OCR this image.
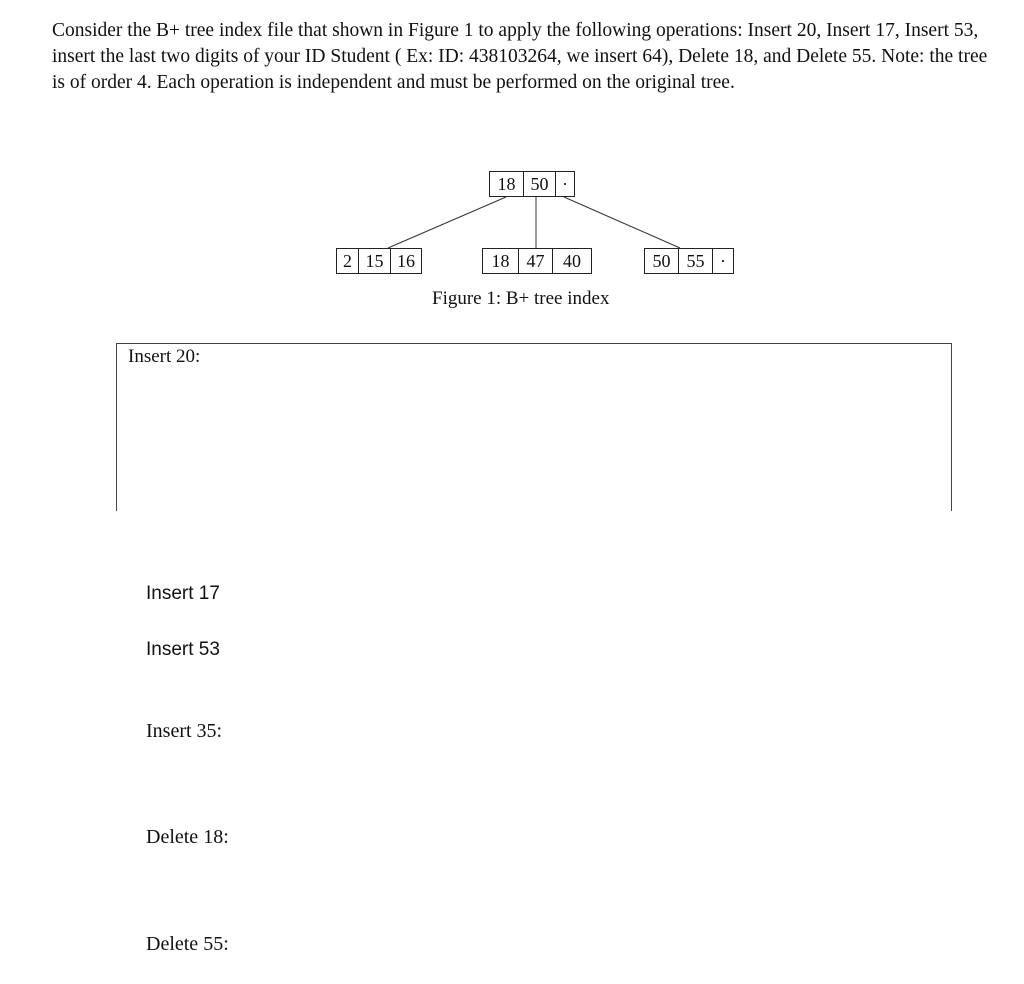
Consider the B+ tree index file that shown in Figure 1 to apply the following operations: Insert 20, Insert 17, Insert 53, insert the last two digits of your ID Student ( Ex: ID: 438103264, we insert 64), Delete 18, and Delete 55. Note: the tree is of order 4. Each operation is independent and must be performed on the original tree.

18 50 ·
2 15 16	18 47	40	50 55 ·

Figure 1: B+ tree index

Insert 20:
Insert 17
Insert 53
Insert 35:
Delete 18:
Delete 55:
